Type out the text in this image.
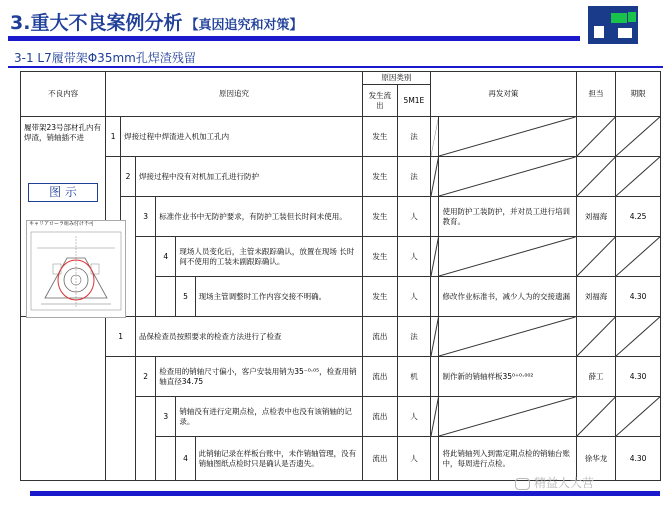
3.重大不良案例分析 【真因追究和对策】
3-1 L7履带架Φ35mm孔焊渣残留
不良内容	原因追究						原因类别		再发对策		担当	期限
							发生流出	5M1E				
履带架23号部材孔内有焊渣，销轴插不进	1	焊接过程中焊渣进入机加工孔内					发生	法	

		2	焊接过程中没有对机加工孔进行防护				发生	法	

			3	标准作业书中无防护要求，有防护工装但长时间未使用。			发生	人		使用防护工装防护，并对员工进行培训教育。	刘福海	4.25
				4	现场人员变化后，主管未跟踪确认，放置在现场 长时间不使用的工装未副跟踪确认。		发生	人	

					5	现场主管调整时工作内容交接不明确。	发生	人		修改作业标准书，减少人为的交接遗漏	刘福海	4.30
	1		品保检查员按照要求的检查方法进行了检查				流出	法	

			2	检查用的销轴尺寸偏小，客户安装用销为35⁻⁰·⁰⁵，检查用销轴直径34.75			流出	机		制作新的销轴样板35⁰⁺⁰·⁰⁰²	薛工	4.30
				3	销轴没有进行定期点检，点检表中也没有该销轴的记录。		流出	人	

					4	此销轴记录在样板台账中，未作销轴管理，没有销轴图纸点检时只是确认是否遗失。	流出	人		将此销轴列入到需定期点检的销轴台账中，每周进行点检。	徐华龙	4.30
图 示
キャリアローラ組み付け不可
精益人大营
